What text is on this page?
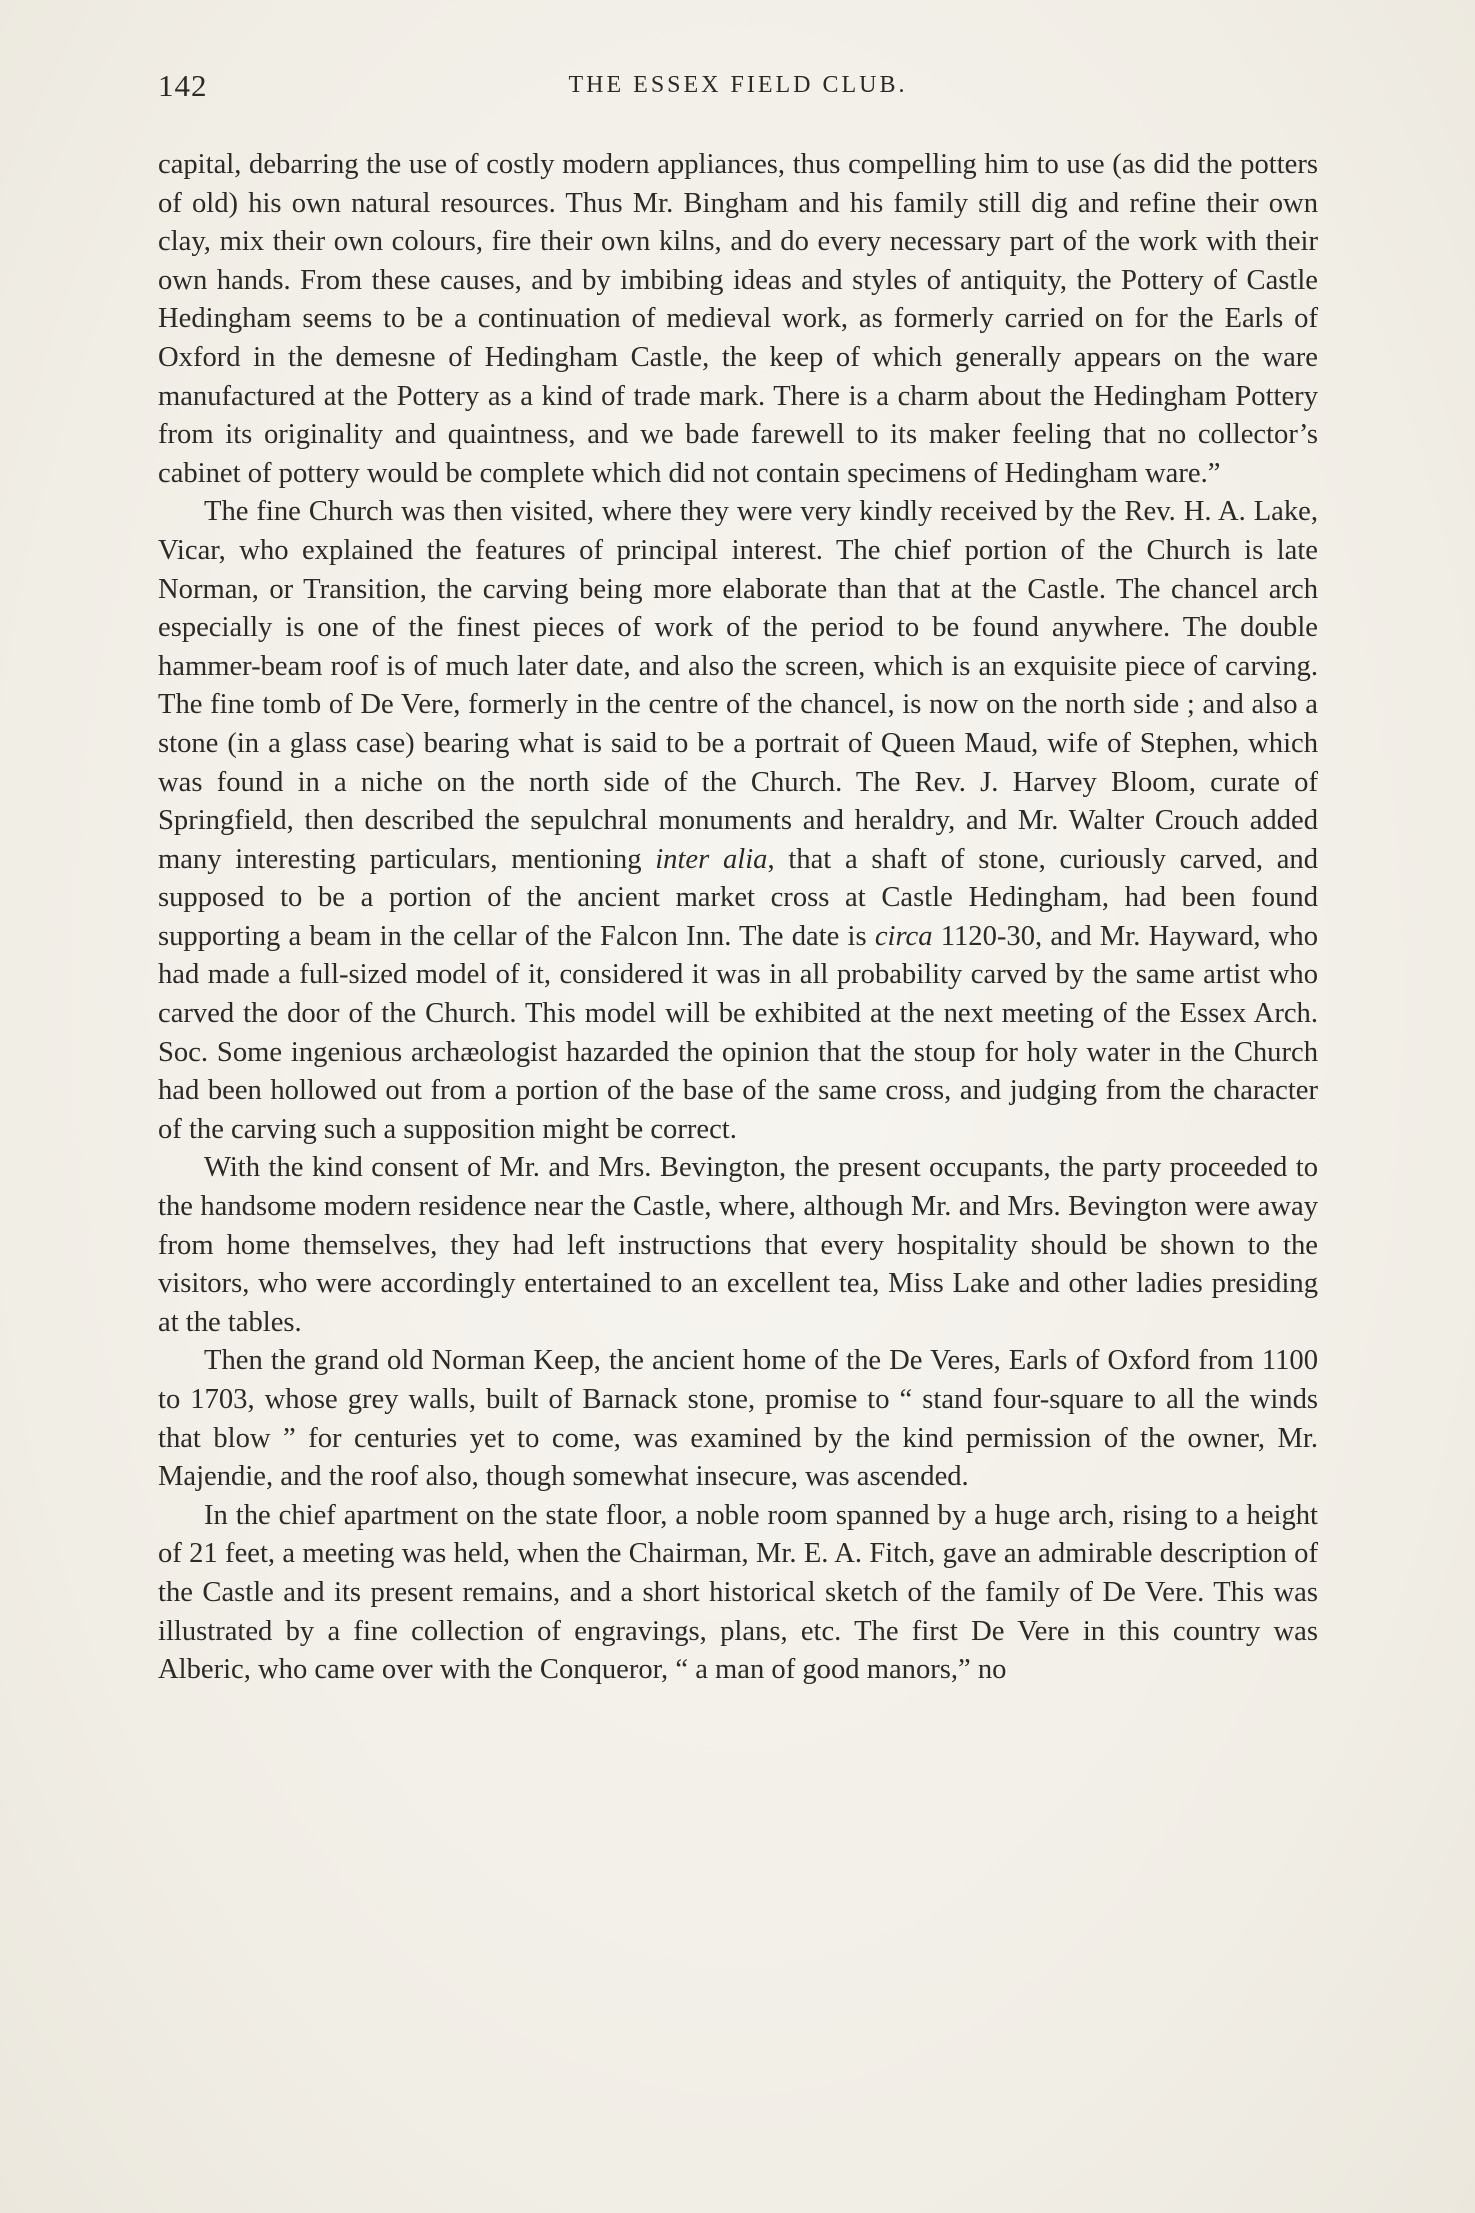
142	THE ESSEX FIELD CLUB.

capital, debarring the use of costly modern appliances, thus compelling him to use (as did the potters of old) his own natural resources. Thus Mr. Bingham and his family still dig and refine their own clay, mix their own colours, fire their own kilns, and do every necessary part of the work with their own hands. From these causes, and by imbibing ideas and styles of antiquity, the Pottery of Castle Hedingham seems to be a continuation of medieval work, as formerly carried on for the Earls of Oxford in the demesne of Hedingham Castle, the keep of which generally appears on the ware manufactured at the Pottery as a kind of trade mark. There is a charm about the Hedingham Pottery from its originality and quaintness, and we bade farewell to its maker feeling that no collector’s cabinet of pottery would be complete which did not contain specimens of Hedingham ware.”

The fine Church was then visited, where they were very kindly received by the Rev. H. A. Lake, Vicar, who explained the features of principal interest. The chief portion of the Church is late Norman, or Transition, the carving being more elaborate than that at the Castle. The chancel arch especially is one of the finest pieces of work of the period to be found anywhere. The double hammer-beam roof is of much later date, and also the screen, which is an exquisite piece of carving. The fine tomb of De Vere, formerly in the centre of the chancel, is now on the north side ; and also a stone (in a glass case) bearing what is said to be a portrait of Queen Maud, wife of Stephen, which was found in a niche on the north side of the Church. The Rev. J. Harvey Bloom, curate of Springfield, then described the sepulchral monuments and heraldry, and Mr. Walter Crouch added many interesting particulars, mentioning inter alia, that a shaft of stone, curiously carved, and supposed to be a portion of the ancient market cross at Castle Hedingham, had been found supporting a beam in the cellar of the Falcon Inn. The date is circa 1120-30, and Mr. Hayward, who had made a full-sized model of it, considered it was in all probability carved by the same artist who carved the door of the Church. This model will be exhibited at the next meeting of the Essex Arch. Soc. Some ingenious archæologist hazarded the opinion that the stoup for holy water in the Church had been hollowed out from a portion of the base of the same cross, and judging from the character of the carving such a supposition might be correct.

With the kind consent of Mr. and Mrs. Bevington, the present occupants, the party proceeded to the handsome modern residence near the Castle, where, although Mr. and Mrs. Bevington were away from home themselves, they had left instructions that every hospitality should be shown to the visitors, who were accordingly entertained to an excellent tea, Miss Lake and other ladies presiding at the tables.

Then the grand old Norman Keep, the ancient home of the De Veres, Earls of Oxford from 1100 to 1703, whose grey walls, built of Barnack stone, promise to “ stand four-square to all the winds that blow ” for centuries yet to come, was examined by the kind permission of the owner, Mr. Majendie, and the roof also, though somewhat insecure, was ascended.

In the chief apartment on the state floor, a noble room spanned by a huge arch, rising to a height of 21 feet, a meeting was held, when the Chairman, Mr. E. A. Fitch, gave an admirable description of the Castle and its present remains, and a short historical sketch of the family of De Vere. This was illustrated by a fine collection of engravings, plans, etc. The first De Vere in this country was Alberic, who came over with the Conqueror, “ a man of good manors,” no
